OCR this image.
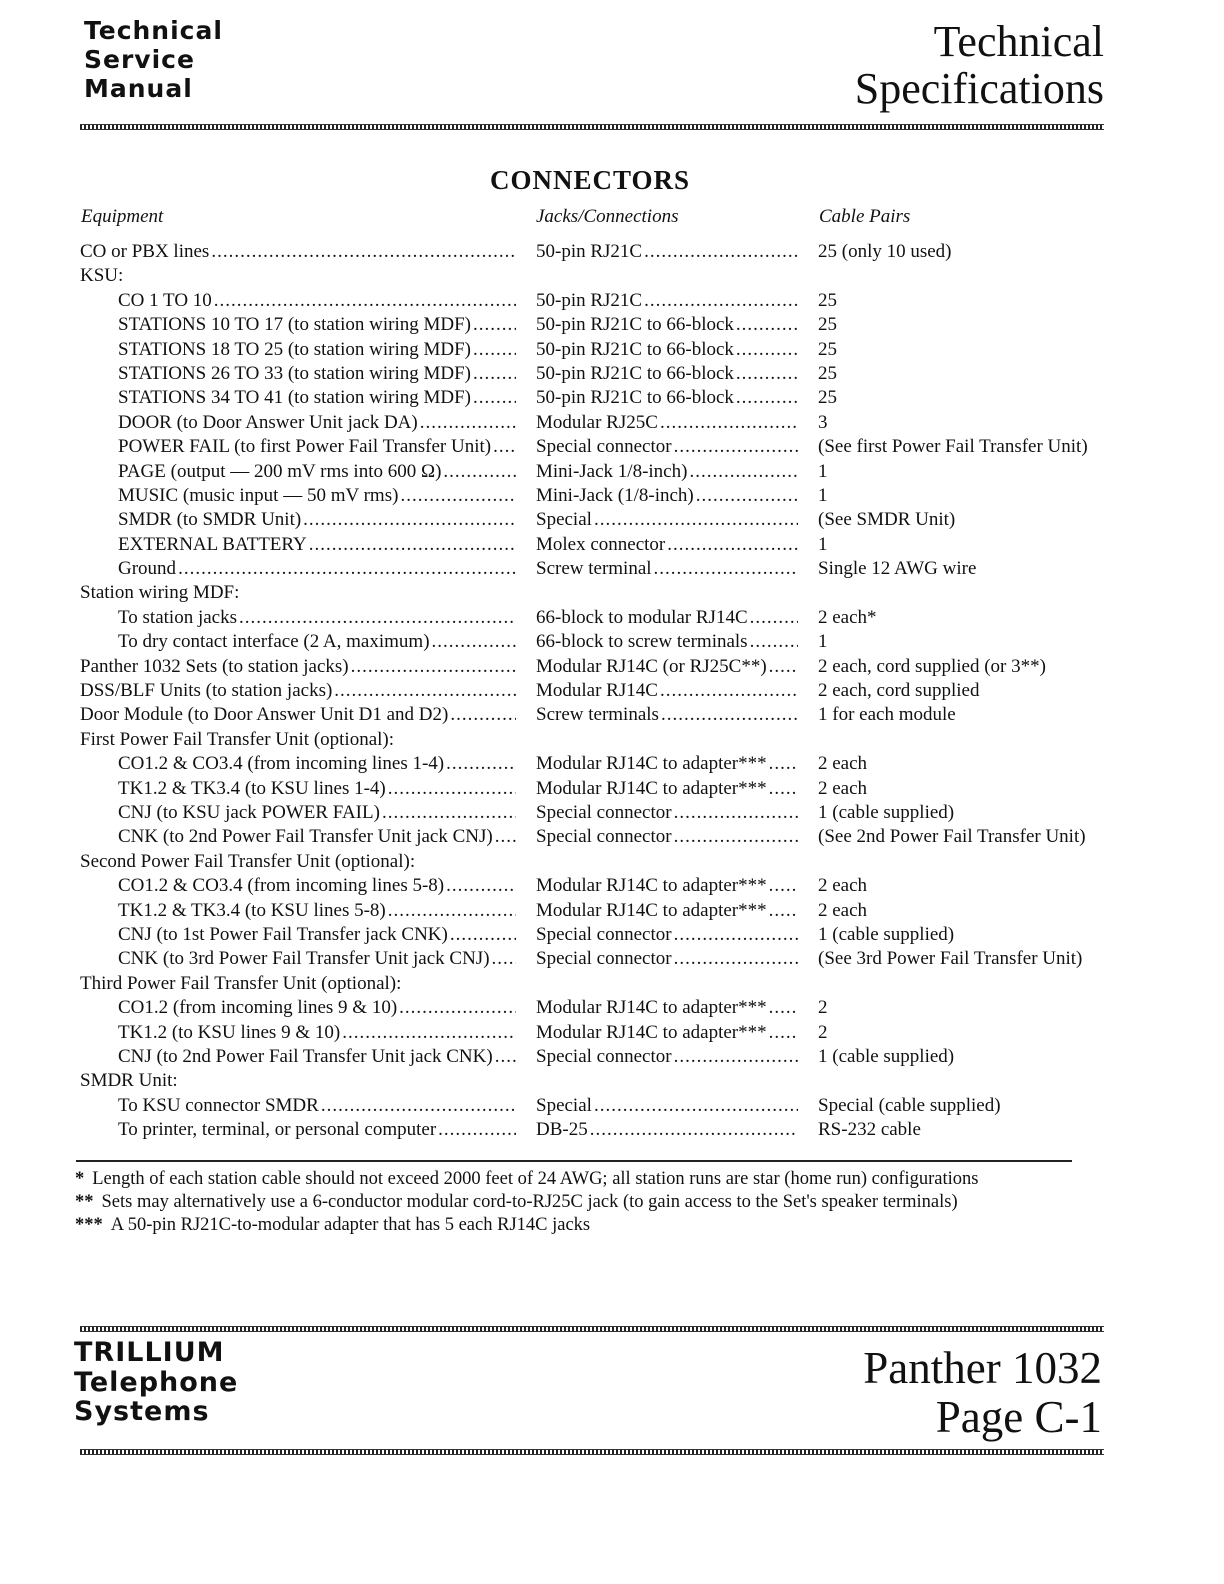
Technical
Service
Manual
Technical
Specifications
CONNECTORS
Equipment	Jacks/Connections	Cable Pairs
CO or PBX lines .....	50-pin RJ21C .....	25 (only 10 used)
KSU:
CO 1 TO 10 .....	50-pin RJ21C .....	25
STATIONS 10 TO 17 (to station wiring MDF) .....	50-pin RJ21C to 66-block .....	25
STATIONS 18 TO 25 (to station wiring MDF) .....	50-pin RJ21C to 66-block .....	25
STATIONS 26 TO 33 (to station wiring MDF) .....	50-pin RJ21C to 66-block .....	25
STATIONS 34 TO 41 (to station wiring MDF) .....	50-pin RJ21C to 66-block .....	25
DOOR (to Door Answer Unit jack DA) .....	Modular RJ25C .....	3
POWER FAIL (to first Power Fail Transfer Unit) ..... Special connector .....	(See first Power Fail Transfer Unit)
PAGE (output — 200 mV rms into 600 Ω) .....	Mini-Jack 1/8-inch) .....	1
MUSIC (music input — 50 mV rms) .....	Mini-Jack (1/8-inch) .....	1
SMDR (to SMDR Unit) .....	Special .....	(See SMDR Unit)
EXTERNAL BATTERY .....	Molex connector .....	1
Ground .....	Screw terminal .....	Single 12 AWG wire
Station wiring MDF:
To station jacks .....	66-block to modular RJ14C .....	2 each*
To dry contact interface (2 A, maximum) .....	66-block to screw terminals .....	1
Panther 1032 Sets (to station jacks) .....	Modular RJ14C (or RJ25C**) .....	2 each, cord supplied (or 3**)
DSS/BLF Units (to station jacks) .....	Modular RJ14C .....	2 each, cord supplied
Door Module (to Door Answer Unit D1 and D2) .....	Screw terminals .....	1 for each module
First Power Fail Transfer Unit (optional):
CO1.2 & CO3.4 (from incoming lines 1-4) .....	Modular RJ14C to adapter*** .....	2 each
TK1.2 & TK3.4 (to KSU lines 1-4) .....	Modular RJ14C to adapter*** .....	2 each
CNJ (to KSU jack POWER FAIL) .....	Special connector .....	1 (cable supplied)
CNK (to 2nd Power Fail Transfer Unit jack CNJ) ..... Special connector .....	(See 2nd Power Fail Transfer Unit)
Second Power Fail Transfer Unit (optional):
CO1.2 & CO3.4 (from incoming lines 5-8) .....	Modular RJ14C to adapter*** .....	2 each
TK1.2 & TK3.4 (to KSU lines 5-8) .....	Modular RJ14C to adapter*** .....	2 each
CNJ (to 1st Power Fail Transfer jack CNK) .....	Special connector .....	1 (cable supplied)
CNK (to 3rd Power Fail Transfer Unit jack CNJ) ..... Special connector .....	(See 3rd Power Fail Transfer Unit)
Third Power Fail Transfer Unit (optional):
CO1.2 (from incoming lines 9 & 10) .....	Modular RJ14C to adapter*** .....	2
TK1.2 (to KSU lines 9 & 10) .....	Modular RJ14C to adapter*** .....	2
CNJ (to 2nd Power Fail Transfer Unit jack CNK) ..... Special connector .....	1 (cable supplied)
SMDR Unit:
To KSU connector SMDR .....	Special .....	Special (cable supplied)
To printer, terminal, or personal computer .....	DB-25 .....	RS-232 cable
* Length of each station cable should not exceed 2000 feet of 24 AWG; all station runs are star (home run) configurations
** Sets may alternatively use a 6-conductor modular cord-to-RJ25C jack (to gain access to the Set's speaker terminals)
*** A 50-pin RJ21C-to-modular adapter that has 5 each RJ14C jacks
TRILLIUM
Telephone
Systems
Panther 1032
Page C-1
